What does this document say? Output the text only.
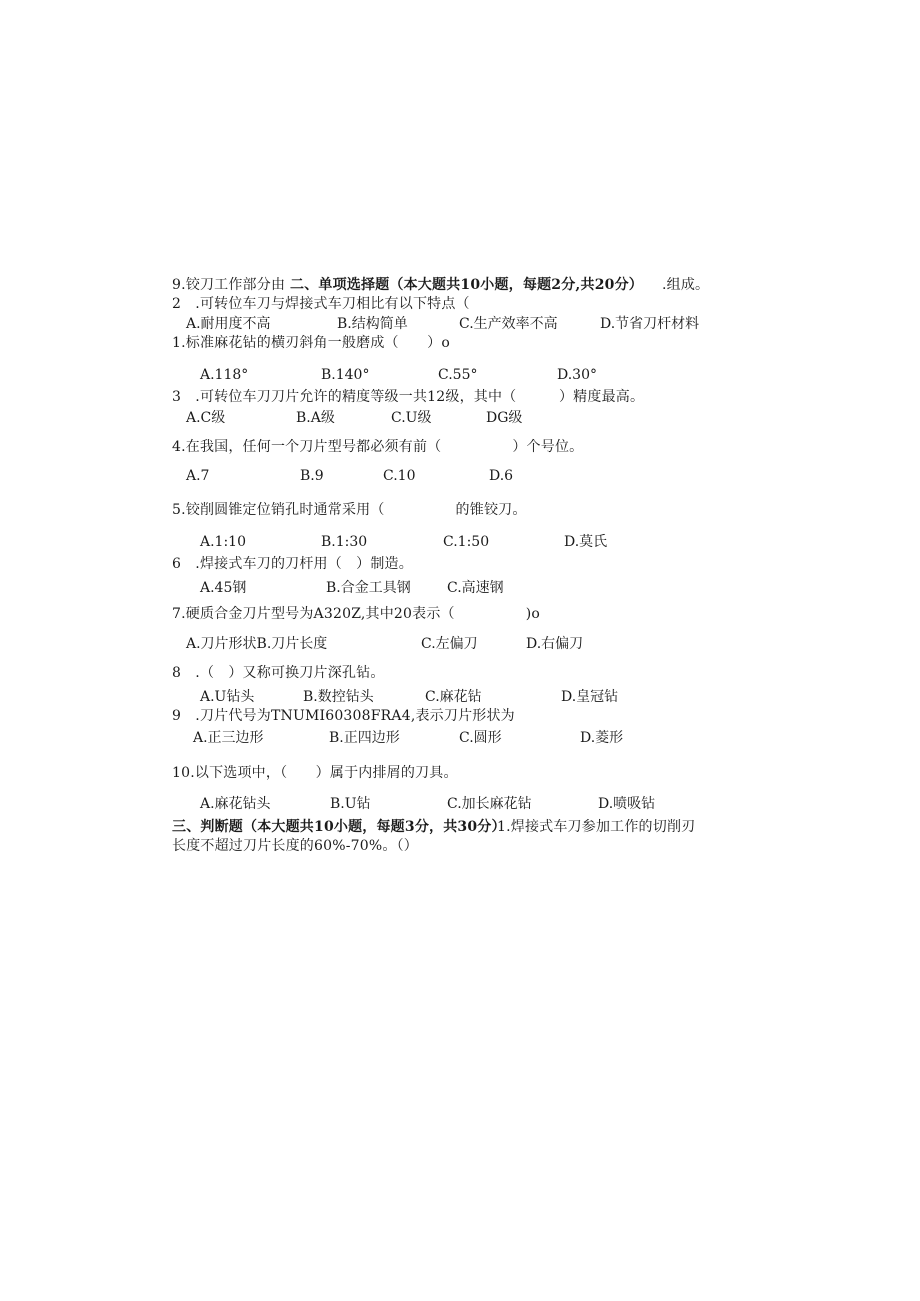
9.铰刀工作部分由 二、单项选择题（本大题共10小题，每题2分,共20分） .组成。
2　.可转位车刀与焊接式车刀相比有以下特点（
A.耐用度不高	B.结构简单	C.生产效率不高	D.节省刀杆材料
1.标准麻花钻的横刃斜角一般磨成（　　）o
A.118°	B.140°	C.55°	D.30°
3　.可转位车刀刀片允许的精度等级一共12级，其中（　　　）精度最高。
A.C级	B.A级	C.U级	DG级
4.在我国，任何一个刀片型号都必须有前（　　　　　）个号位。
A.7	B.9	C.10	D.6
5.铰削圆锥定位销孔时通常采用（　　　　　的锥铰刀。
A.1:10	B.1:30	C.1:50	D.莫氏
6　.焊接式车刀的刀杆用（　）制造。
A.45钢	B.合金工具钢	C.高速钢
7.硬质合金刀片型号为A320Z,其中20表示（　　　　　)o
A.刀片形状B.刀片长度	C.左偏刀	D.右偏刀
8　.（　）又称可换刀片深孔钻。
A.U钻头	B.数控钻头	C.麻花钻	D.皇冠钻
9　.刀片代号为TNUMI60308FRA4,表示刀片形状为
A.正三边形	B.正四边形	C.圆形	D.菱形
10.以下选项中，（　　）属于内排屑的刀具。
A.麻花钻头	B.U钻	C.加长麻花钻	D.喷吸钻
三、判断题（本大题共10小题，每题3分，共30分）
1.焊接式车刀参加工作的切削刃
长度不超过刀片长度的60%-70%。（）
